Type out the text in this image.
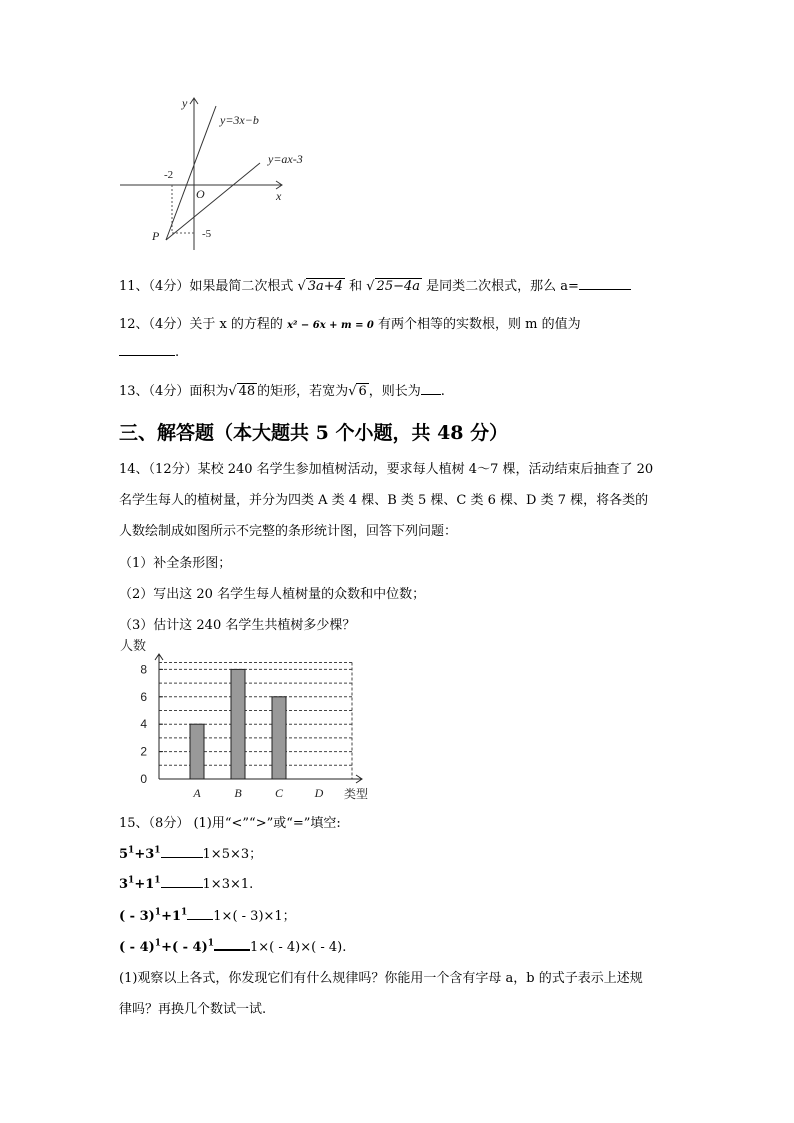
y
x
O
y=3x−b
y=ax-3
P
-2
-5
11、（4分）如果最简二次根式 √ 3a+4 和 √ 25−4a 是同类二次根式，那么 a=
12、（4分）关于 x 的方程的 x² − 6x + m = 0 有两个相等的实数根，则 m 的值为
.
13、（4分）面积为√ 48 的矩形，若宽为√ 6 ，则长为 .
三、解答题（本大题共 5 个小题，共 48 分）
14、（12分）某校 240 名学生参加植树活动，要求每人植树 4～7 棵，活动结束后抽查了 20
名学生每人的植树量，并分为四类 A 类 4 棵、B 类 5 棵、C 类 6 棵、D 类 7 棵，将各类的
人数绘制成如图所示不完整的条形统计图，回答下列问题：
（1）补全条形图；
（2）写出这 20 名学生每人植树量的众数和中位数；
（3）估计这 240 名学生共植树多少棵？
0
2
4
6
8
A	B	C	D
人数
类型
15、（8分） (1)用“<”“>”或“=”填空:
$5^1+3^1$	1×5×3；
$3^1+1^1$	1×3×1.
( - $3)^1+1^1$ 1×( - 3)×1；
( - 4)$^1$+( - 4)$^1$	1×( - 4)×( - 4).
(1)观察以上各式，你发现它们有什么规律吗？你能用一个含有字母 a，b 的式子表示上述规
律吗？再换几个数试一试.
